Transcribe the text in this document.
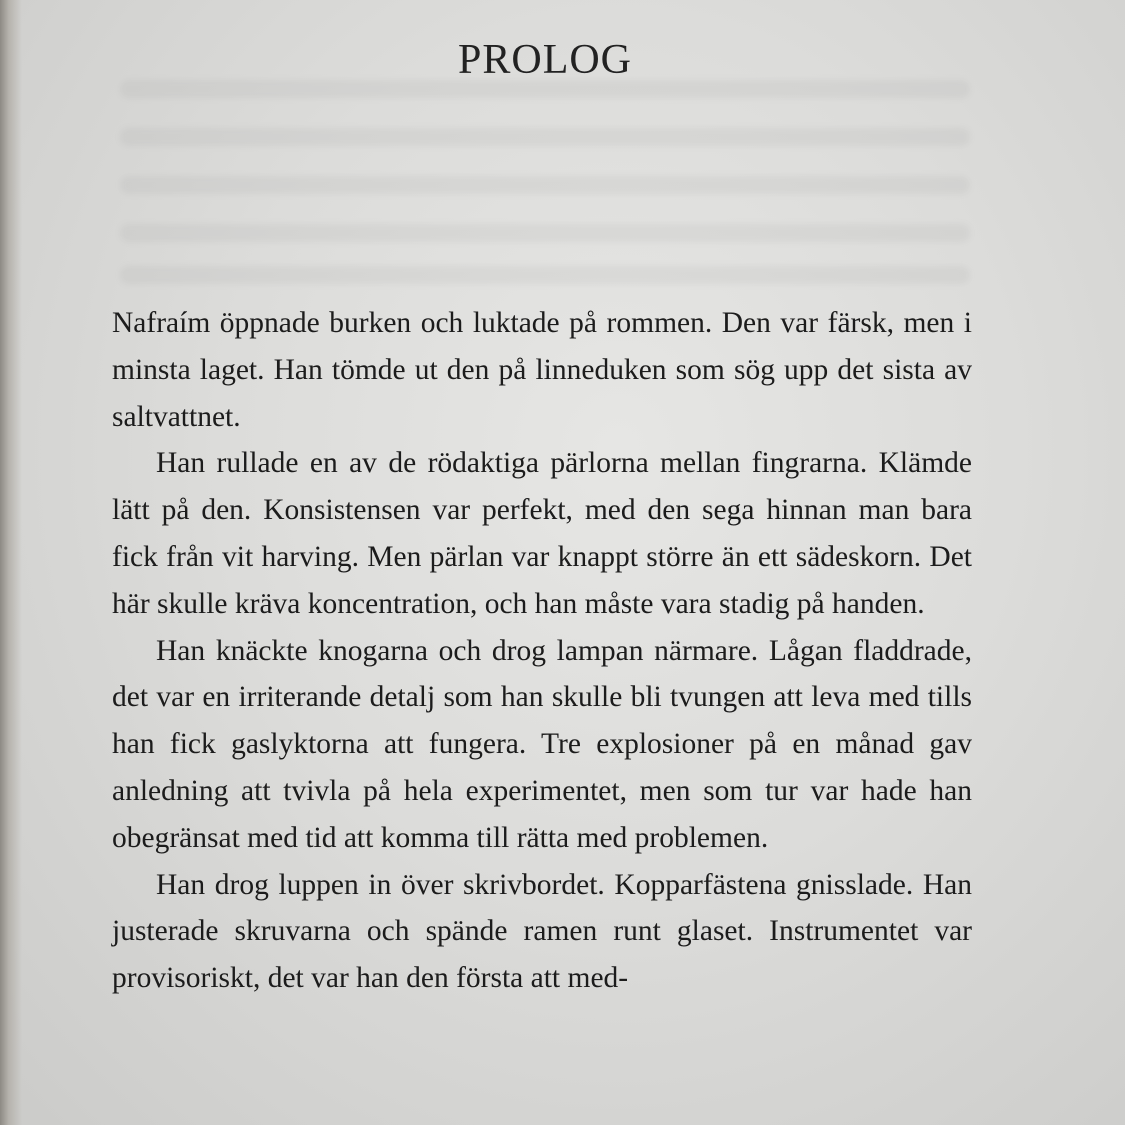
PROLOG

Nafraím öppnade burken och luktade på rommen. Den var färsk, men i minsta laget. Han tömde ut den på linneduken som sög upp det sista av saltvattnet.

Han rullade en av de rödaktiga pärlorna mellan fingrarna. Klämde lätt på den. Konsistensen var perfekt, med den sega hinnan man bara fick från vit harving. Men pärlan var knappt större än ett sädeskorn. Det här skulle kräva koncentration, och han måste vara stadig på handen.

Han knäckte knogarna och drog lampan närmare. Lågan fladdrade, det var en irriterande detalj som han skulle bli tvungen att leva med tills han fick gaslyktorna att fungera. Tre explosioner på en månad gav anledning att tvivla på hela experimentet, men som tur var hade han obegränsat med tid att komma till rätta med problemen.

Han drog luppen in över skrivbordet. Kopparfästena gnisslade. Han justerade skruvarna och spände ramen runt glaset. Instrumentet var provisoriskt, det var han den första att med-
